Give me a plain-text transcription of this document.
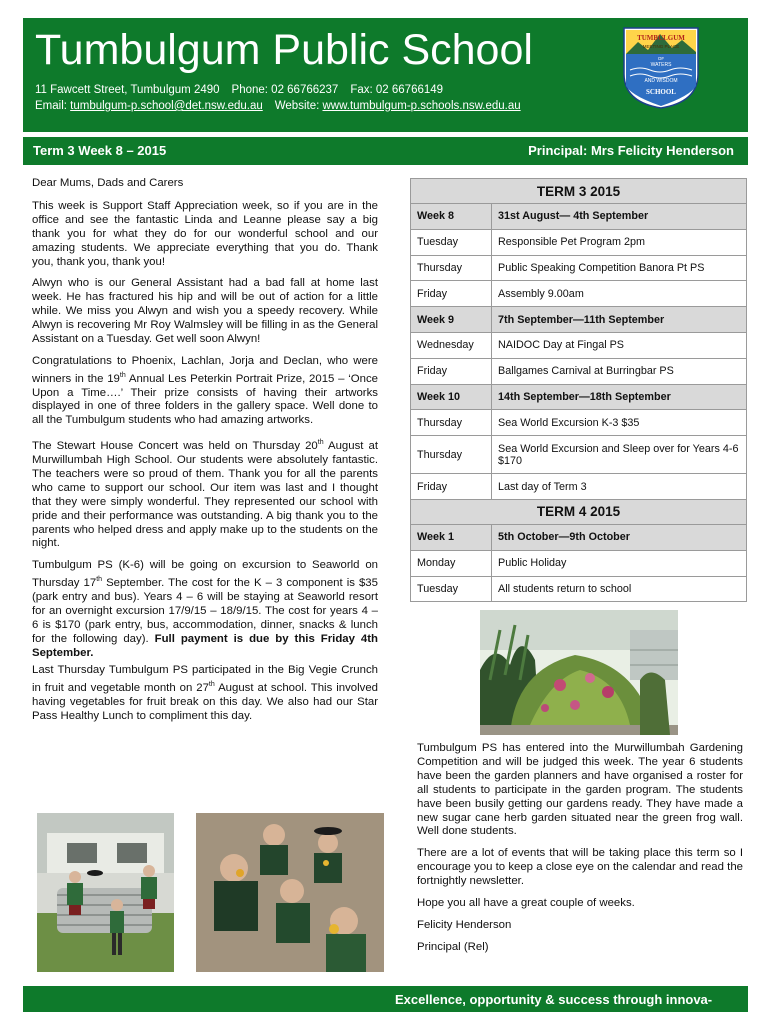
Tumbulgum Public School
11 Fawcett Street, Tumbulgum 2490 Phone: 02 66766237 Fax: 02 66766149
Email: tumbulgum-p.school@det.nsw.edu.au Website: www.tumbulgum-p.schools.nsw.edu.au
TUMBULGUM
MEETING PLACE
OF
WATERS
AND WISDOM
SCHOOL
Term 3 Week 8 – 2015	Principal: Mrs Felicity Henderson

Dear Mums, Dads and Carers

This week is Support Staff Appreciation week, so if you are in the office and see the fantastic Linda and Leanne please say a big thank you for what they do for our wonderful school and our amazing students. We appreciate everything that you do. Thank you, thank you, thank you!

Alwyn who is our General Assistant had a bad fall at home last week. He has fractured his hip and will be out of action for a little while. We miss you Alwyn and wish you a speedy recovery. While Alwyn is recovering Mr Roy Walmsley will be filling in as the General Assistant on a Tuesday. Get well soon Alwyn!

Congratulations to Phoenix, Lachlan, Jorja and Declan, who were winners in the 19th Annual Les Peterkin Portrait Prize, 2015 – ‘Once Upon a Time….’ Their prize consists of having their artworks displayed in one of three folders in the gallery space. Well done to all the Tumbulgum students who had amazing artworks.

The Stewart House Concert was held on Thursday 20th August at Murwillumbah High School. Our students were absolutely fantastic. The teachers were so proud of them. Thank you for all the parents who came to support our school. Our item was last and I thought that they were simply wonderful. They represented our school with pride and their performance was outstanding. A big thank you to the parents who helped dress and apply make up to the students on the night.

Tumbulgum PS (K-6) will be going on excursion to Seaworld on Thursday 17th September. The cost for the K – 3 component is $35 (park entry and bus). Years 4 – 6 will be staying at Seaworld resort for an overnight excursion 17/9/15 – 18/9/15. The cost for years 4 – 6 is $170 (park entry, bus, accommodation, dinner, snacks & lunch for the following day). Full payment is due by this Friday 4th September.

Last Thursday Tumbulgum PS participated in the Big Vegie Crunch in fruit and vegetable month on 27th August at school. This involved having vegetables for fruit break on this day. We also had our Star Pass Healthy Lunch to compliment this day.

TERM 3 2015	
Week 8	31st August— 4th September
Tuesday	Responsible Pet Program 2pm
Thursday	Public Speaking Competition Banora Pt PS
Friday	Assembly 9.00am
Week 9	7th September—11th September
Wednesday	NAIDOC Day at Fingal PS
Friday	Ballgames Carnival at Burringbar PS
Week 10	14th September—18th September
Thursday	Sea World Excursion K-3 $35
Thursday	Sea World Excursion and Sleep over for Years 4-6 $170
Friday	Last day of Term 3
TERM 4 2015	
Week 1	5th October—9th October
Monday	Public Holiday
Tuesday	All students return to school

Tumbulgum PS has entered into the Murwillumbah Gardening Competition and will be judged this week. The year 6 students have been the garden planners and have organised a roster for all students to participate in the garden program. The students have been busily getting our gardens ready. They have made a new sugar cane herb garden situated near the green frog wall. Well done students.

There are a lot of events that will be taking place this term so I encourage you to keep a close eye on the calendar and read the fortnightly newsletter.

Hope you all have a great couple of weeks.

Felicity Henderson

Principal (Rel)

Excellence, opportunity & success through innova-
